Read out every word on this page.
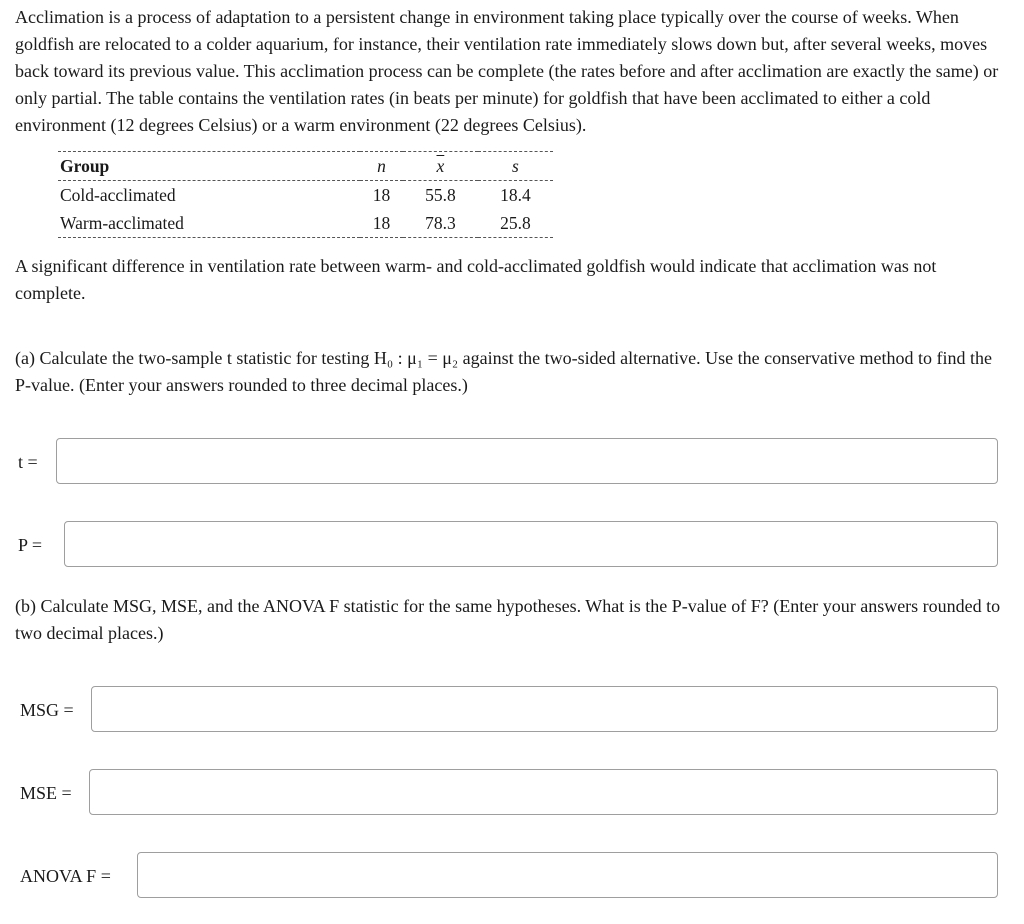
Acclimation is a process of adaptation to a persistent change in environment taking place typically over the course of weeks. When goldfish are relocated to a colder aquarium, for instance, their ventilation rate immediately slows down but, after several weeks, moves back toward its previous value. This acclimation process can be complete (the rates before and after acclimation are exactly the same) or only partial. The table contains the ventilation rates (in beats per minute) for goldfish that have been acclimated to either a cold environment (12 degrees Celsius) or a warm environment (22 degrees Celsius).

Group	n	$\overline{x}$	s
Cold-acclimated	18	55.8	18.4
Warm-acclimated	18	78.3	25.8

A significant difference in ventilation rate between warm- and cold-acclimated goldfish would indicate that acclimation was not complete.

(a) Calculate the two-sample t statistic for testing H₀ : μ₁ = μ₂ against the two-sided alternative. Use the conservative method to find the P-value. (Enter your answers rounded to three decimal places.)

t =
P =

(b) Calculate MSG, MSE, and the ANOVA F statistic for the same hypotheses. What is the P-value of F? (Enter your answers rounded to two decimal places.)

MSG =
MSE =
ANOVA F =
